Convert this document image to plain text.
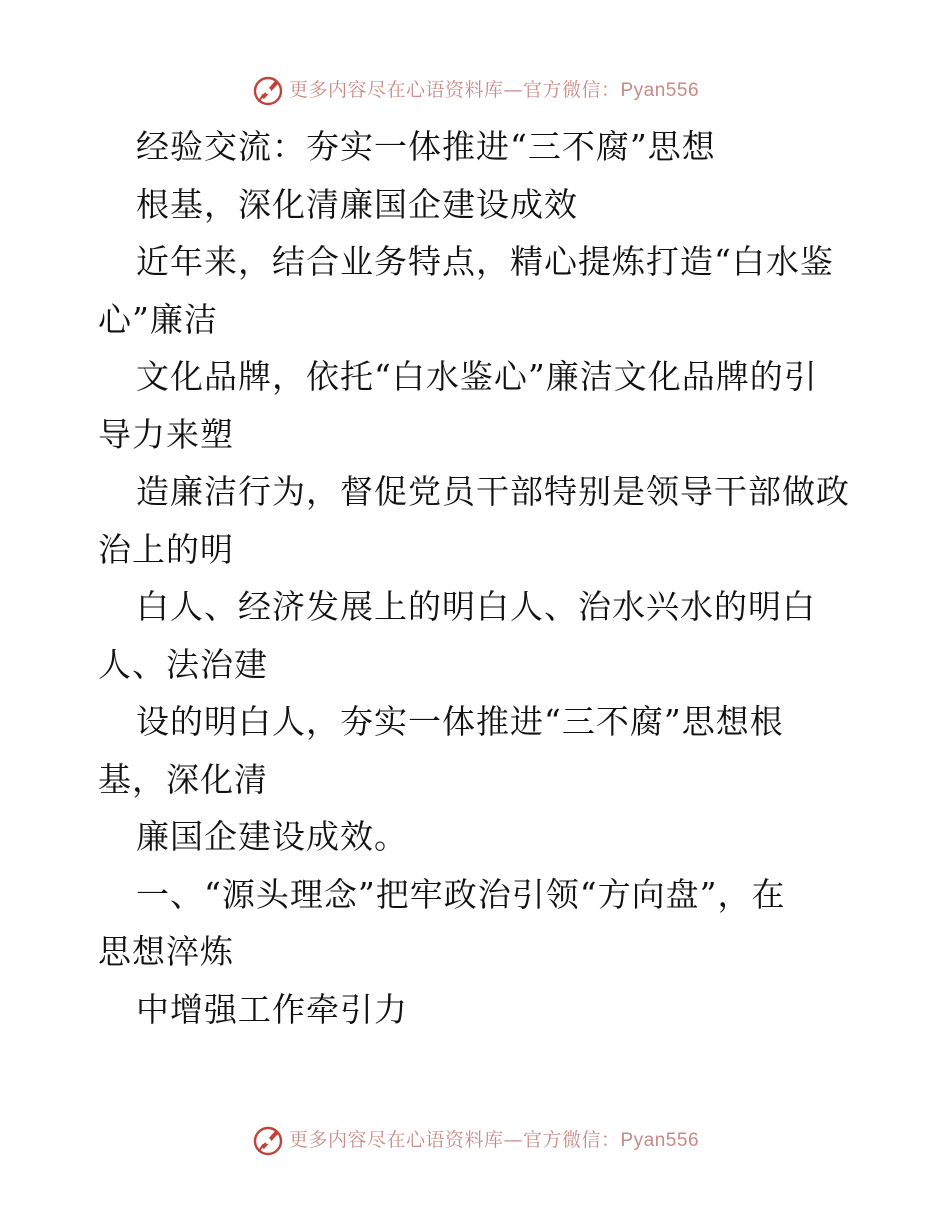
更多内容尽在心语资料库—官方微信：Pyan556
经验交流：夯实一体推进“三不腐”思想
根基，深化清廉国企建设成效
近年来，结合业务特点，精心提炼打造“白水鉴
心”廉洁
文化品牌，依托“白水鉴心”廉洁文化品牌的引
导力来塑
造廉洁行为，督促党员干部特别是领导干部做政
治上的明
白人、经济发展上的明白人、治水兴水的明白
人、法治建
设的明白人，夯实一体推进“三不腐”思想根
基，深化清
廉国企建设成效。
一、“源头理念”把牢政治引领“方向盘”，在
思想淬炼
中增强工作牵引力
更多内容尽在心语资料库—官方微信：Pyan556
